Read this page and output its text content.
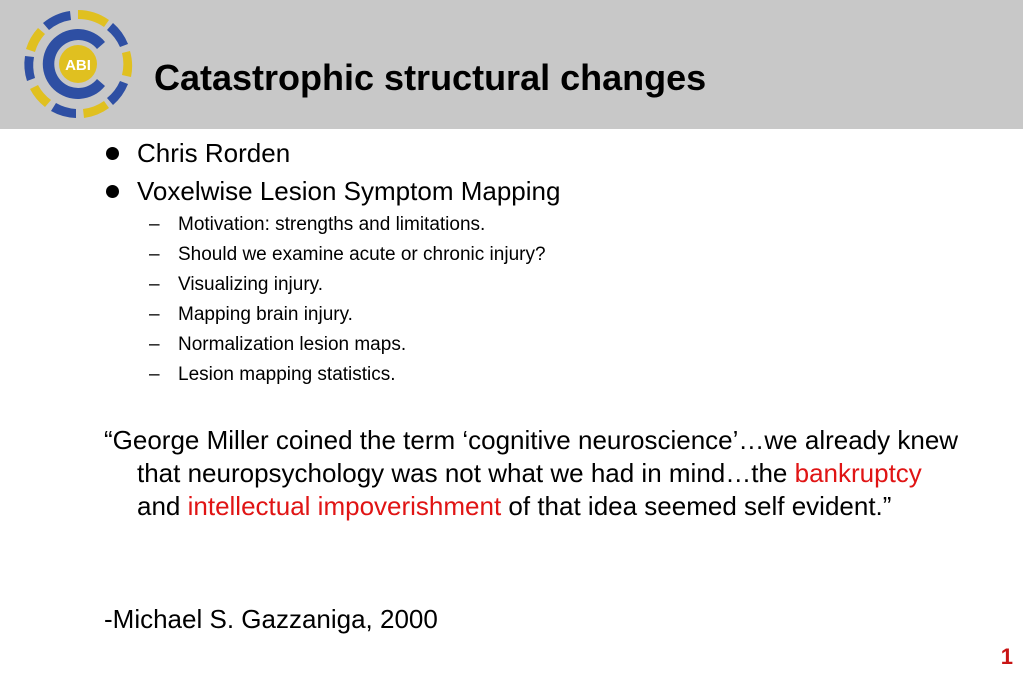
ABI Catastrophic structural changes
Chris Rorden
Voxelwise Lesion Symptom Mapping
– Motivation: strengths and limitations.
– Should we examine acute or chronic injury?
– Visualizing injury.
– Mapping brain injury.
– Normalization lesion maps.
– Lesion mapping statistics.
“George Miller coined the term ‘cognitive neuroscience’…we already knew that neuropsychology was not what we had in mind…the bankruptcy and intellectual impoverishment of that idea seemed self evident.”
-Michael S. Gazzaniga, 2000
1
